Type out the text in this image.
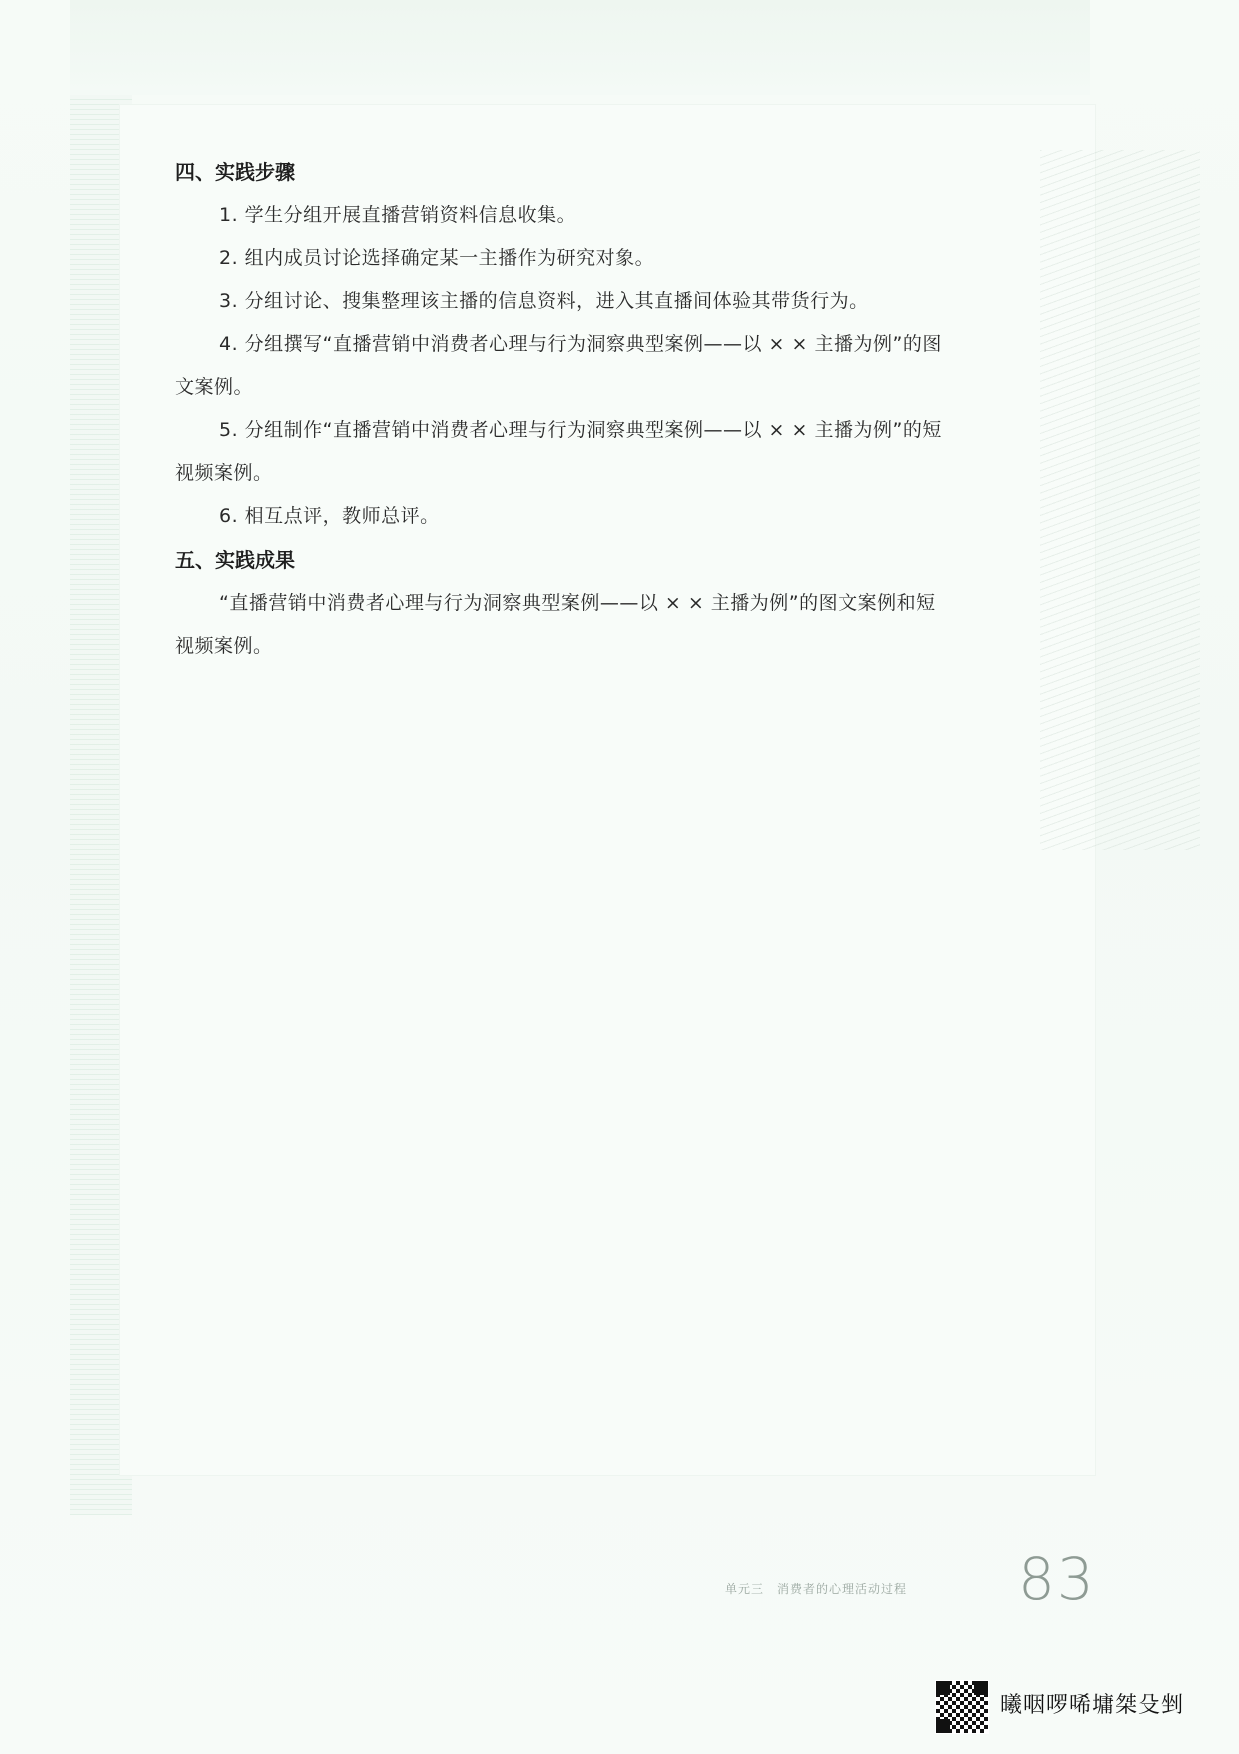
四、实践步骤

1. 学生分组开展直播营销资料信息收集。

2. 组内成员讨论选择确定某一主播作为研究对象。

3. 分组讨论、搜集整理该主播的信息资料，进入其直播间体验其带货行为。

4. 分组撰写“直播营销中消费者心理与行为洞察典型案例——以 × × 主播为例”的图文案例。

5. 分组制作“直播营销中消费者心理与行为洞察典型案例——以 × × 主播为例”的短视频案例。

6. 相互点评，教师总评。

五、实践成果

“直播营销中消费者心理与行为洞察典型案例——以 × × 主播为例”的图文案例和短视频案例。

单元三　消费者的心理活动过程 83
曦咽啰唏墉桀殳剉
